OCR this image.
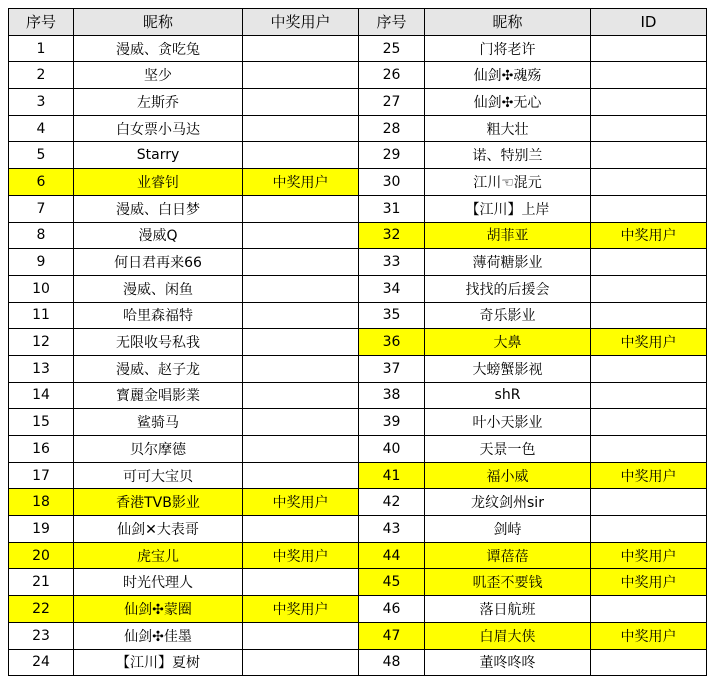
序号	昵称	中奖用户	序号	昵称	ID
1	漫威、贪吃兔		25	门将老许	
2	坚少		26	仙剑✣魂殇	
3	左斯乔		27	仙剑✣无心	
4	白女票小马达		28	粗大壮	
5	Starry		29	诺、特别兰	
6	业睿钊	中奖用户	30	江川☜混元	
7	漫威、白日梦		31	【江川】上岸	
8	漫威Q		32	胡菲亚	中奖用户
9	何日君再来66		33	薄荷糖影业	
10	漫威、闲鱼		34	找找的后援会	
11	哈里森福特		35	奇乐影业	
12	无限收号私我		36	大鼻	中奖用户
13	漫威、赵子龙		37	大螃蟹影视	
14	寳麗金唱影業		38	shR	
15	鲨骑马		39	叶小天影业	
16	贝尔摩德		40	天景一色	
17	可可大宝贝		41	福小威	中奖用户
18	香港TVB影业	中奖用户	42	龙纹剑州sir	
19	仙剑✕大表哥		43	剑峙	
20	虎宝儿	中奖用户	44	谭蓓蓓	中奖用户
21	时光代理人		45	叽歪不要钱	中奖用户
22	仙剑✣蒙圈	中奖用户	46	落日航班	
23	仙剑✣佳墨		47	白眉大侠	中奖用户
24	【江川】夏树		48	董咚咚咚	
